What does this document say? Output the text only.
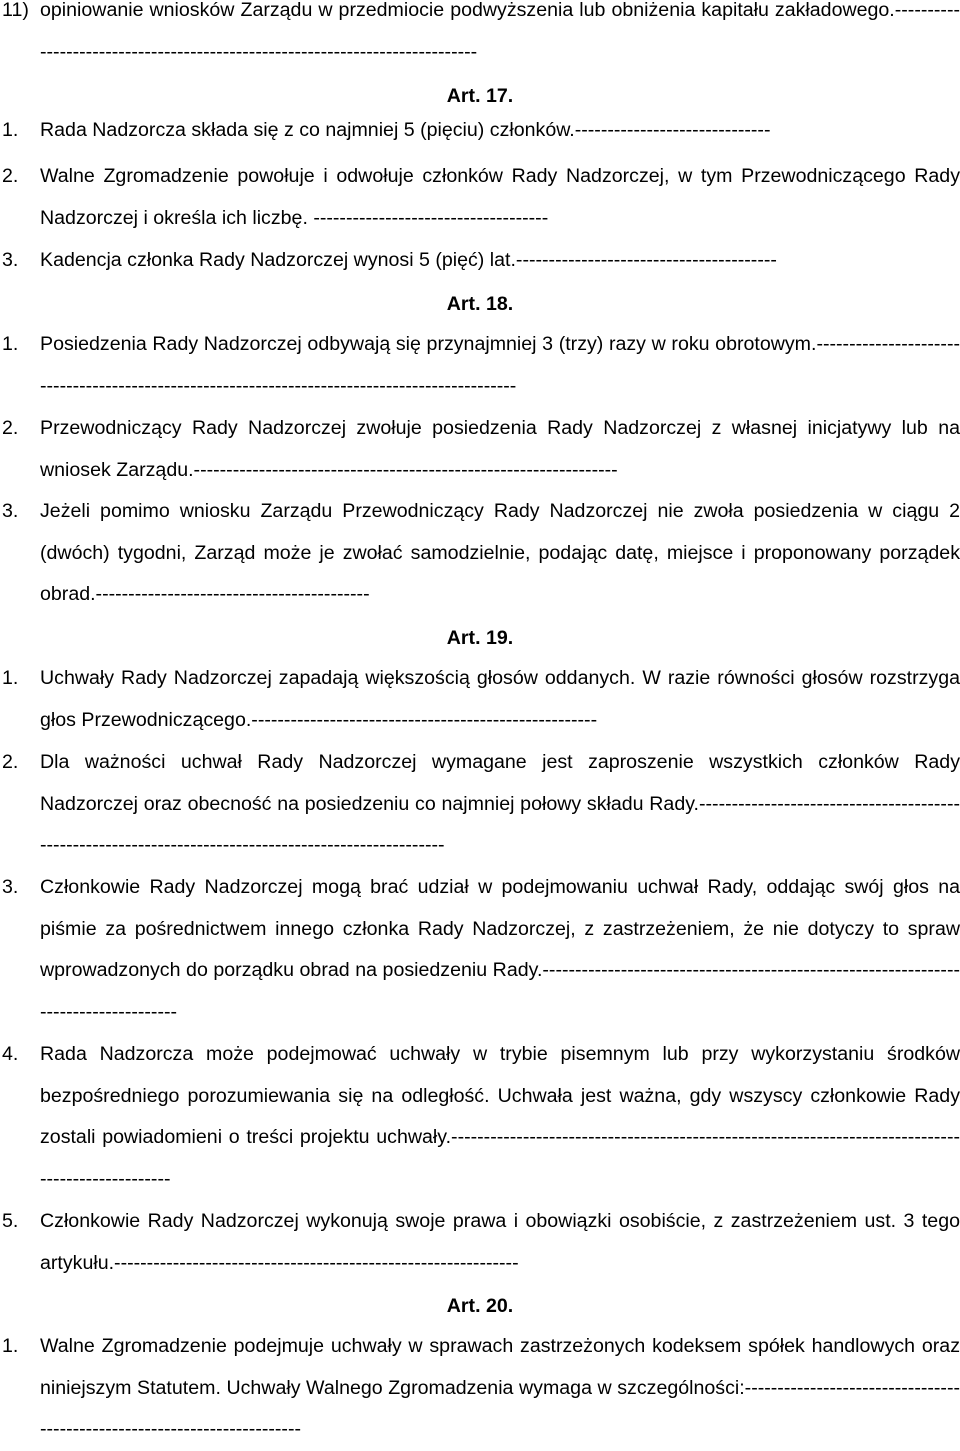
11) opiniowanie wniosków Zarządu w przedmiocie podwyższenia lub obniżenia kapitału zakładowego.-----------------------------------------------------------------------------
Art. 17.
1. Rada Nadzorcza składa się z co najmniej 5 (pięciu) członków.------------------------------
2. Walne Zgromadzenie powołuje i odwołuje członków Rady Nadzorczej, w tym Przewodniczącego Rady Nadzorczej i określa ich liczbę. ------------------------------------
3. Kadencja członka Rady Nadzorczej wynosi 5 (pięć) lat.----------------------------------------
Art. 18.
1. Posiedzenia Rady Nadzorczej odbywają się przynajmniej 3 (trzy) razy w roku obrotowym.-----------------------------------------------------------------------------------------------
2. Przewodniczący Rady Nadzorczej zwołuje posiedzenia Rady Nadzorczej z własnej inicjatywy lub na wniosek Zarządu.-----------------------------------------------------------------
3. Jeżeli pomimo wniosku Zarządu Przewodniczący Rady Nadzorczej nie zwoła posiedzenia w ciągu 2 (dwóch) tygodni, Zarząd może je zwołać samodzielnie, podając datę, miejsce i proponowany porządek obrad.------------------------------------------
Art. 19.
1. Uchwały Rady Nadzorczej zapadają większością głosów oddanych. W razie równości głosów rozstrzyga głos Przewodniczącego.-----------------------------------------------------
2. Dla ważności uchwał Rady Nadzorczej wymagane jest zaproszenie wszystkich członków Rady Nadzorczej oraz obecność na posiedzeniu co najmniej połowy składu Rady.------------------------------------------------------------------------------------------------------
3. Członkowie Rady Nadzorczej mogą brać udział w podejmowaniu uchwał Rady, oddając swój głos na piśmie za pośrednictwem innego członka Rady Nadzorczej, z zastrzeżeniem, że nie dotyczy to spraw wprowadzonych do porządku obrad na posiedzeniu Rady.-------------------------------------------------------------------------------------
4. Rada Nadzorcza może podejmować uchwały w trybie pisemnym lub przy wykorzystaniu środków bezpośredniego porozumiewania się na odległość. Uchwała jest ważna, gdy wszyscy członkowie Rady zostali powiadomieni o treści projektu uchwały.--------------------------------------------------------------------------------------------------
5. Członkowie Rady Nadzorczej wykonują swoje prawa i obowiązki osobiście, z zastrzeżeniem ust. 3 tego artykułu.--------------------------------------------------------------
Art. 20.
1. Walne Zgromadzenie podejmuje uchwały w sprawach zastrzeżonych kodeksem spółek handlowych oraz niniejszym Statutem. Uchwały Walnego Zgromadzenia wymaga w szczególności:-------------------------------------------------------------------------
